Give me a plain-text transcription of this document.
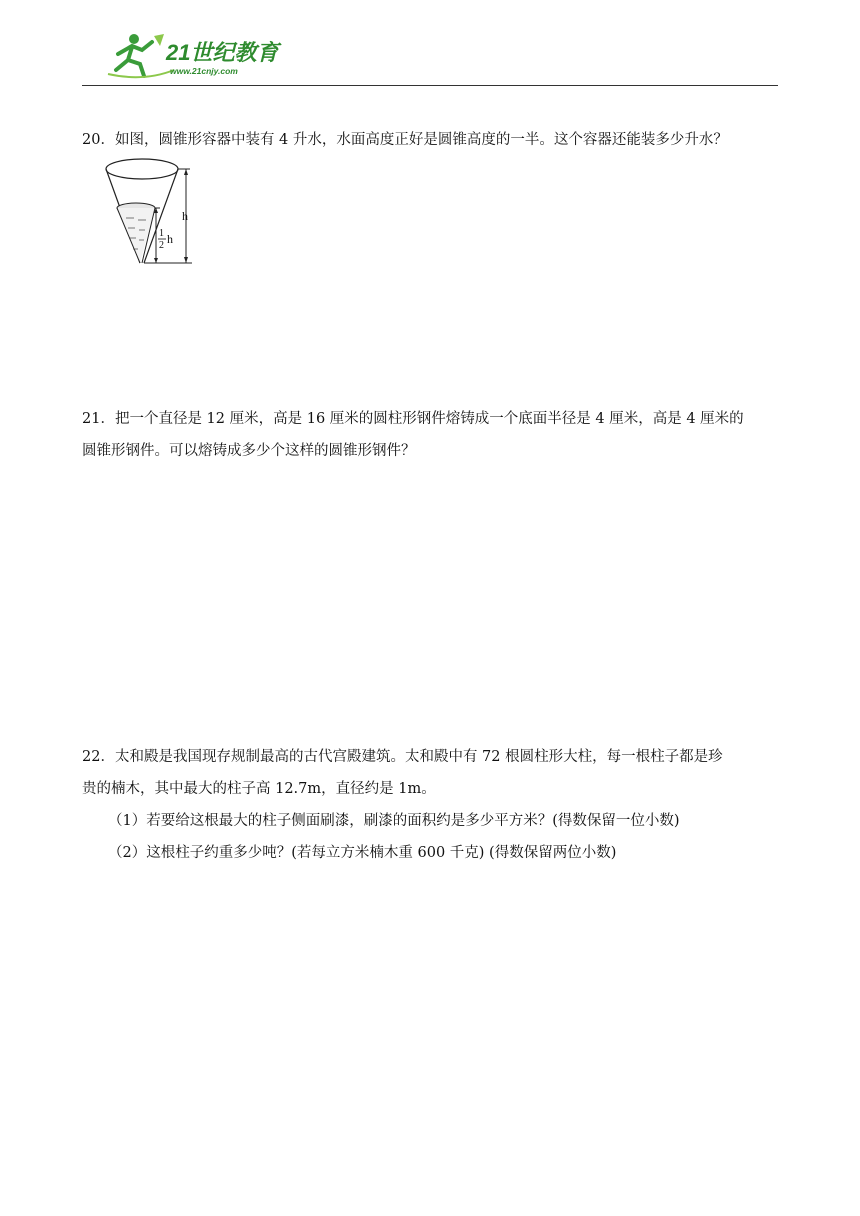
21世纪教育
www.21cnjy.com

20．如图，圆锥形容器中装有 4 升水，水面高度正好是圆锥高度的一半。这个容器还能装多少升水？

h
1
2 h

21．把一个直径是 12 厘米，高是 16 厘米的圆柱形钢件熔铸成一个底面半径是 4 厘米，高是 4 厘米的

圆锥形钢件。可以熔铸成多少个这样的圆锥形钢件？

22．太和殿是我国现存规制最高的古代宫殿建筑。太和殿中有 72 根圆柱形大柱，每一根柱子都是珍

贵的楠木，其中最大的柱子高 12.7m，直径约是 1m。

（1）若要给这根最大的柱子侧面刷漆，刷漆的面积约是多少平方米？(得数保留一位小数)

（2）这根柱子约重多少吨？(若每立方米楠木重 600 千克) (得数保留两位小数)
